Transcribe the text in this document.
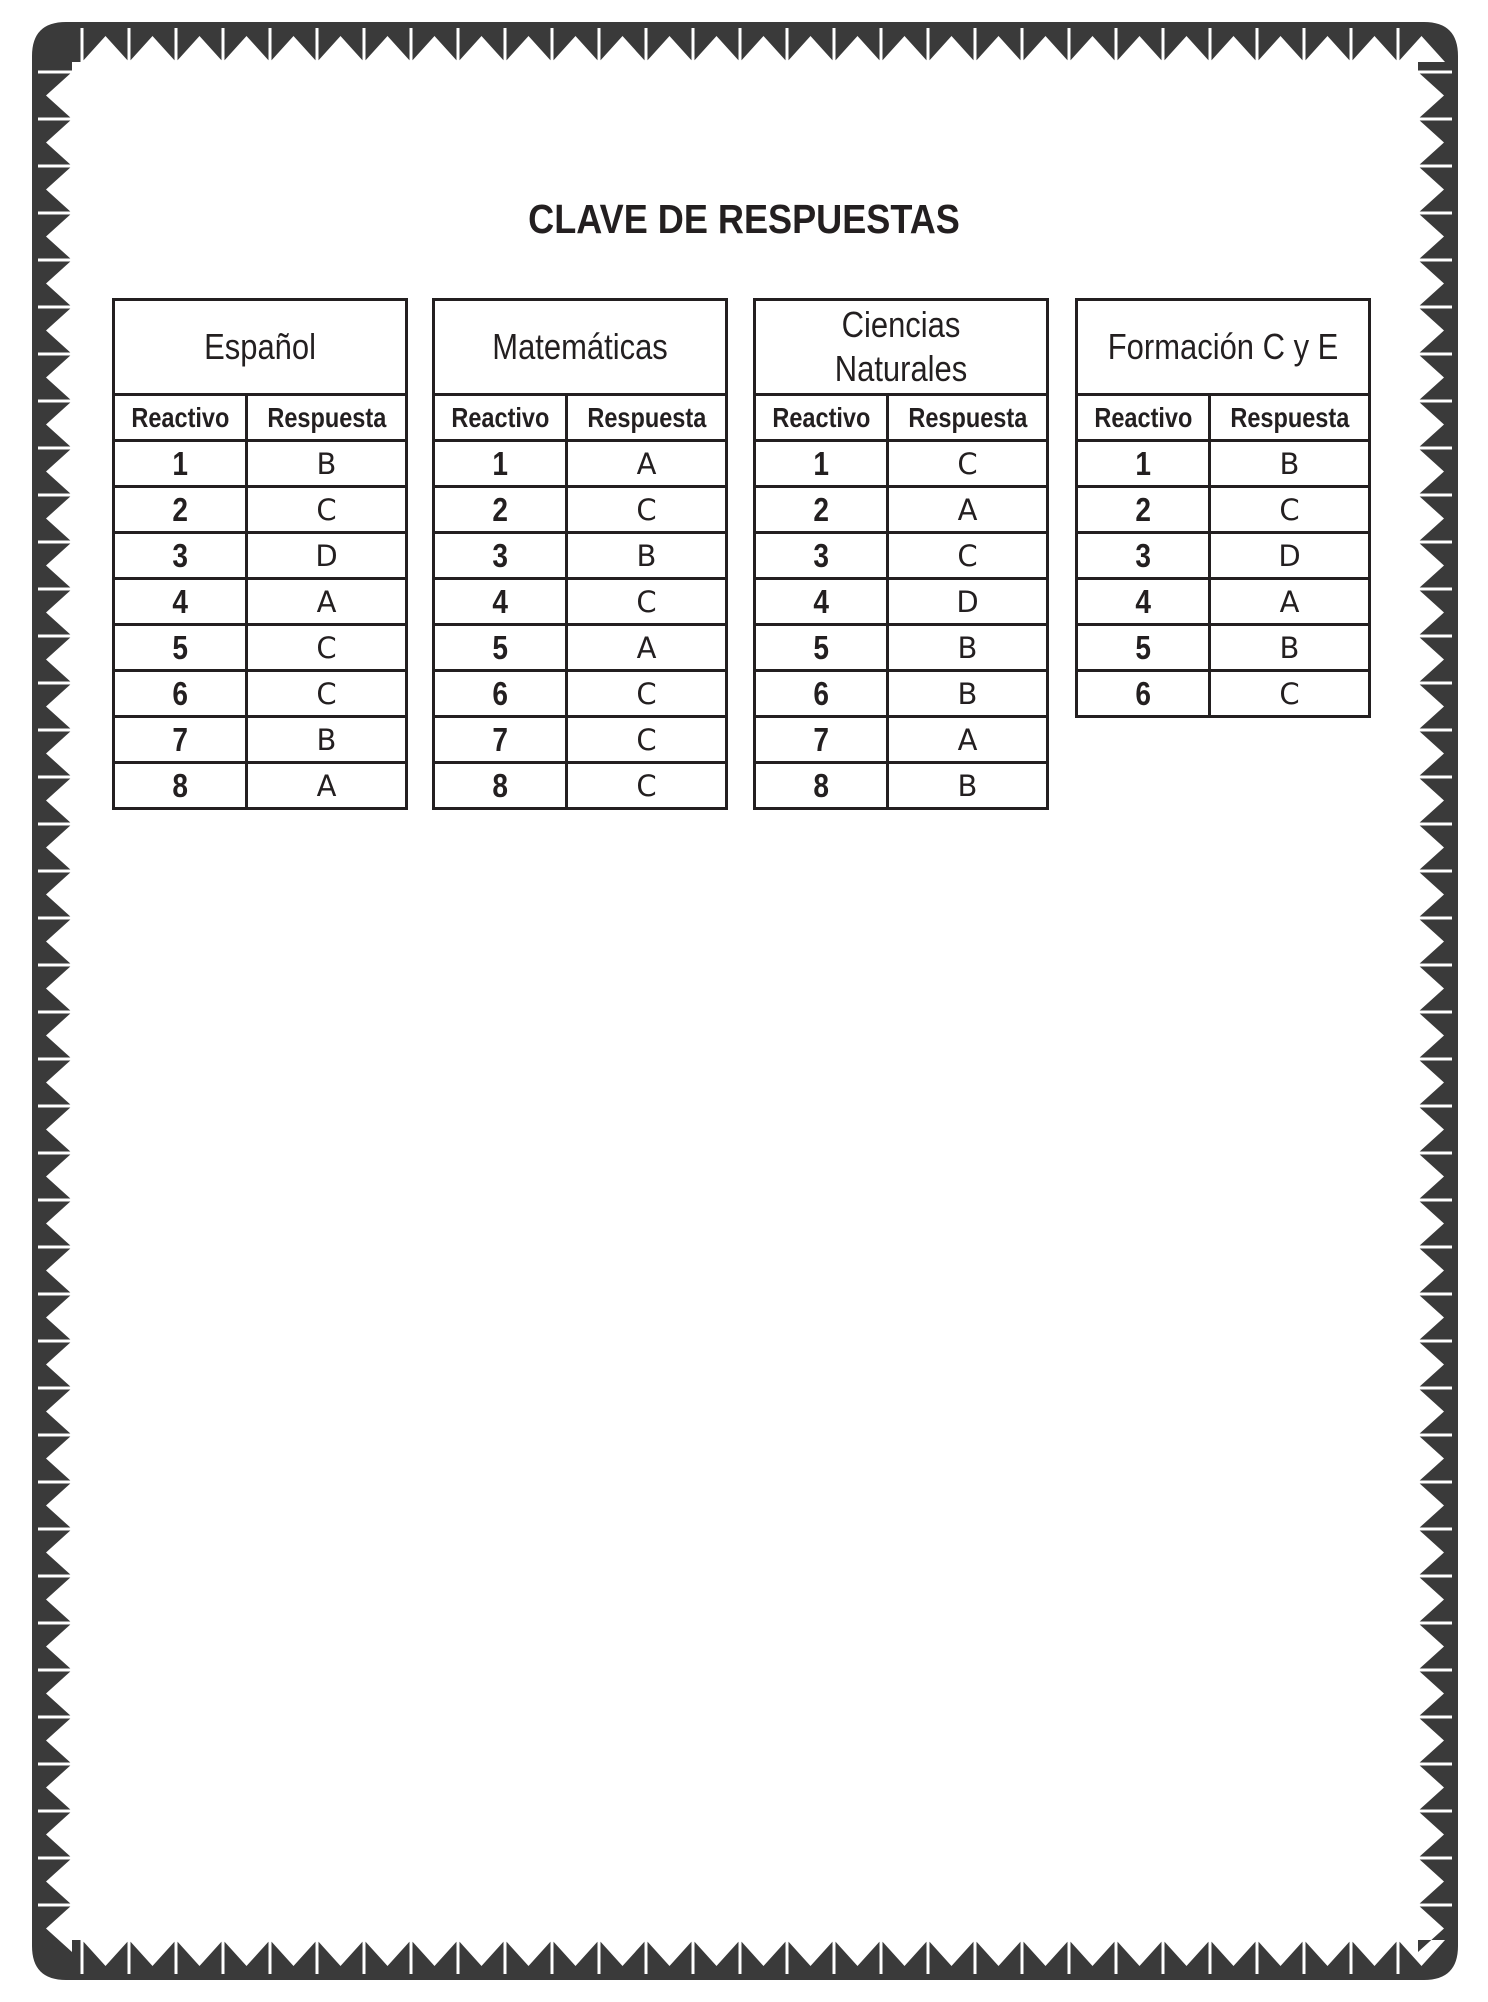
CLAVE DE RESPUESTAS
Español	
Reactivo	Respuesta
1	B
2	C
3	D
4	A
5	C
6	C
7	B
8	A
Matemáticas	
Reactivo	Respuesta
1	A
2	C
3	B
4	C
5	A
6	C
7	C
8	C
Ciencias Naturales	
Reactivo	Respuesta
1	C
2	A
3	C
4	D
5	B
6	B
7	A
8	B
Formación C y E	
Reactivo	Respuesta
1	B
2	C
3	D
4	A
5	B
6	C
